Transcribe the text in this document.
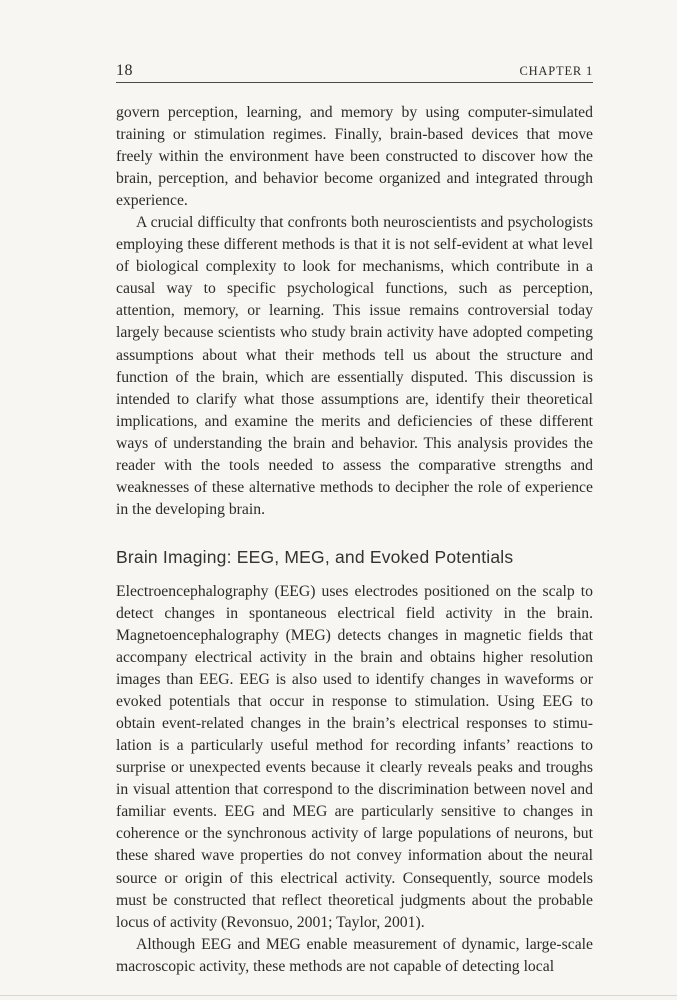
18	CHAPTER 1

govern perception, learning, and memory by using computer-simulated training or stimulation regimes. Finally, brain-based devices that move freely within the environment have been constructed to discover how the brain, perception, and behavior become organized and integrated through experience.

A crucial difficulty that confronts both neuroscientists and psychologists employing these different methods is that it is not self-evident at what level of biological complexity to look for mechanisms, which contribute in a causal way to specific psychological functions, such as perception, attention, memory, or learning. This issue remains controversial today largely because scientists who study brain activity have adopted competing assumptions about what their methods tell us about the structure and function of the brain, which are essentially disputed. This discussion is intended to clarify what those assumptions are, identify their theoretical implications, and examine the merits and deficiencies of these different ways of understanding the brain and behavior. This analysis provides the reader with the tools needed to assess the comparative strengths and weaknesses of these alternative methods to decipher the role of experience in the developing brain.

Brain Imaging: EEG, MEG, and Evoked Potentials

Electroencephalography (EEG) uses electrodes positioned on the scalp to detect changes in spontaneous electrical field activity in the brain. Magnetoencephalography (MEG) detects changes in magnetic fields that accompany electrical activity in the brain and obtains higher resolution images than EEG. EEG is also used to identify changes in waveforms or evoked potentials that occur in response to stimulation. Using EEG to obtain event-related changes in the brain’s electrical responses to stimulation is a particularly useful method for recording infants’ reactions to surprise or unexpected events because it clearly reveals peaks and troughs in visual attention that correspond to the discrimination between novel and familiar events. EEG and MEG are particularly sensitive to changes in coherence or the synchronous activity of large populations of neurons, but these shared wave properties do not convey information about the neural source or origin of this electrical activity. Consequently, source models must be constructed that reflect theoretical judgments about the probable locus of activity (Revonsuo, 2001; Taylor, 2001).

Although EEG and MEG enable measurement of dynamic, large-scale macroscopic activity, these methods are not capable of detecting local
